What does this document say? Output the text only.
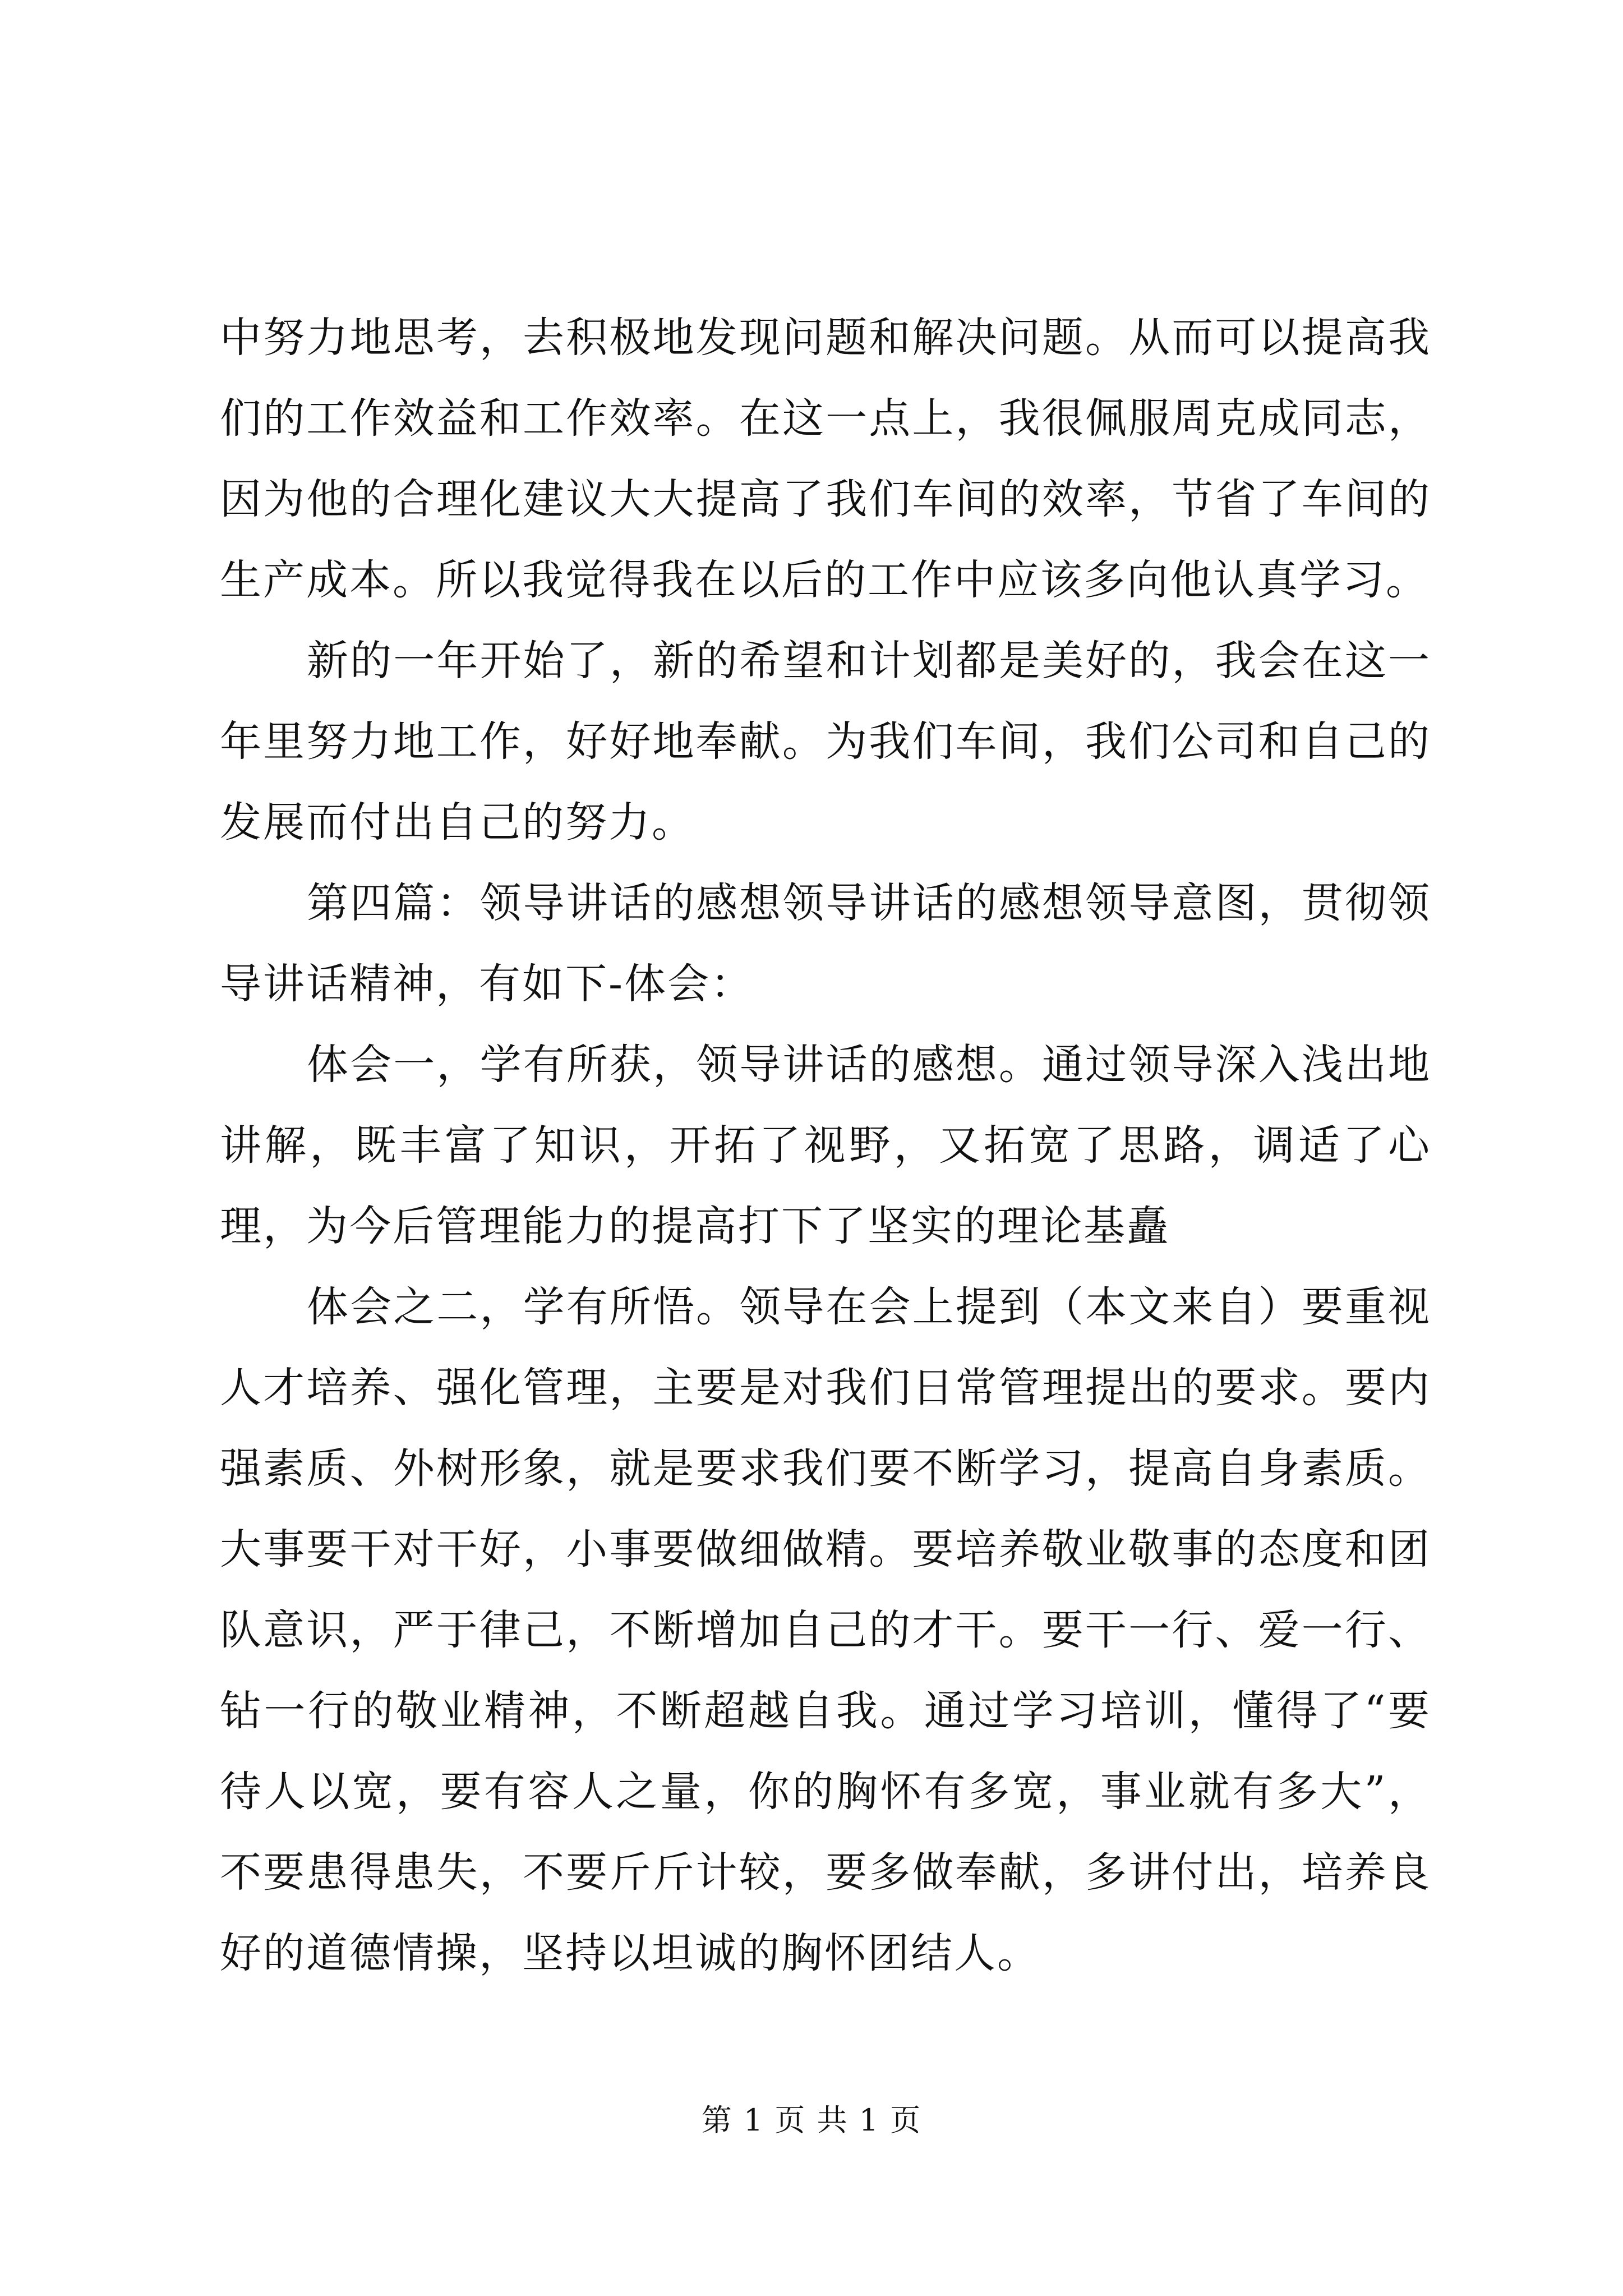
中努力地思考，去积极地发现问题和解决问题。从而可以提高我们的工作效益和工作效率。在这一点上，我很佩服周克成同志，因为他的合理化建议大大提高了我们车间的效率，节省了车间的生产成本。所以我觉得我在以后的工作中应该多向他认真学习。

新的一年开始了，新的希望和计划都是美好的，我会在这一年里努力地工作，好好地奉献。为我们车间，我们公司和自己的发展而付出自己的努力。

第四篇：领导讲话的感想领导讲话的感想领导意图，贯彻领导讲话精神，有如下-体会：

体会一，学有所获，领导讲话的感想。通过领导深入浅出地讲解，既丰富了知识，开拓了视野，又拓宽了思路，调适了心理，为今后管理能力的提高打下了坚实的理论基矗

体会之二，学有所悟。领导在会上提到（本文来自）要重视人才培养、强化管理，主要是对我们日常管理提出的要求。要内强素质、外树形象，就是要求我们要不断学习，提高自身素质。大事要干对干好，小事要做细做精。要培养敬业敬事的态度和团队意识，严于律己，不断增加自己的才干。要干一行、爱一行、钻一行的敬业精神，不断超越自我。通过学习培训，懂得了“要待人以宽，要有容人之量，你的胸怀有多宽，事业就有多大”，不要患得患失，不要斤斤计较，要多做奉献，多讲付出，培养良好的道德情操，坚持以坦诚的胸怀团结人。

第 1 页 共 1 页
